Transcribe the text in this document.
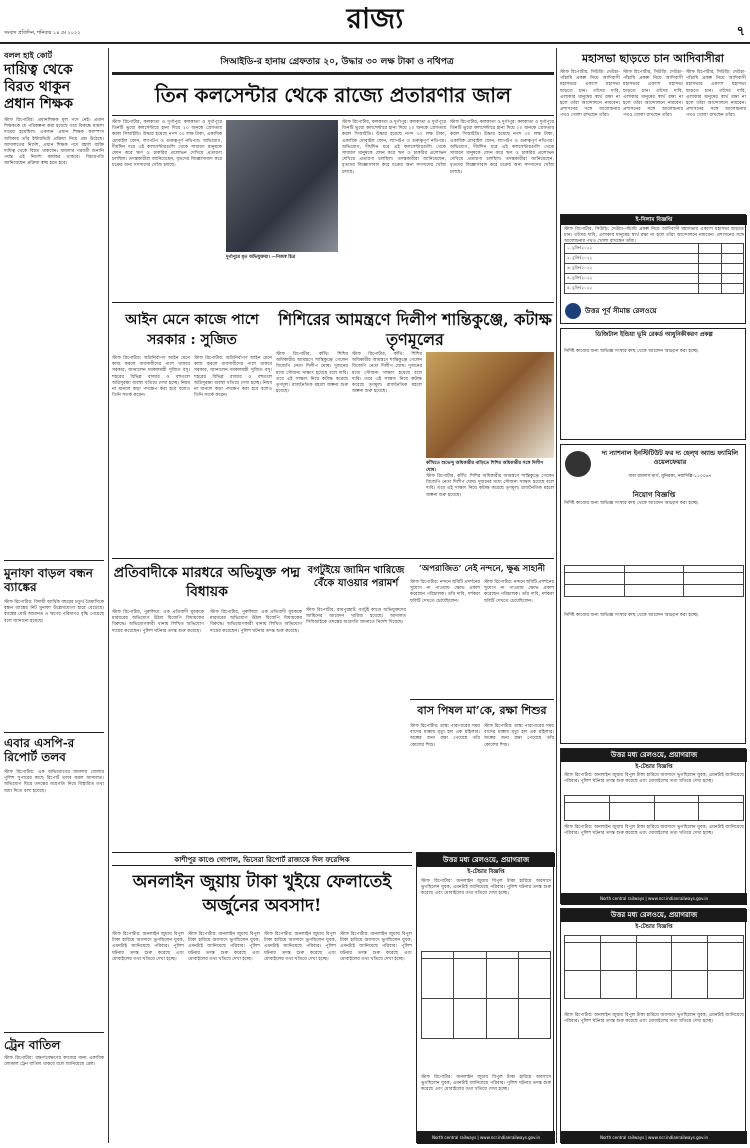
সংবাদ প্রতিদিন, শনিবার ১৪ মে ২০২২	রাজ্য	৭
বলল হাই কোর্ট
দায়িত্ব থেকে বিরত থাকুন প্রধান শিক্ষক
স্টাফ রিপোর্টার: প্রধানশিক্ষক মূল পদে নেই। প্রধান শিক্ষককে যে পরিকল্পনা করা হয়েছে তার বিরুদ্ধে মামলা দায়ের হয়েছিল। একজন প্রধান শিক্ষক ক্যাম্পাস অধিকার তাঁর ইন্টারভিউ প্রক্রিয়া নিয়ে প্রশ্ন উঠেছে। আদালতের নির্দেশ, প্রধান শিক্ষক পদে বহাল ব্যক্তি দায়িত্ব থেকে বিরত থাকবেন। মামলার পরবর্তী শুনানি পর্যন্ত এই নির্দেশ কার্যকর থাকবে। বিচারপতি জানিয়েছেন প্রক্রিয়া স্বচ্ছ হতে হবে।
মুনাফা বাড়ল বন্ধন ব্যাঙ্কের
স্টাফ রিপোর্টার: বিদায়ী আর্থিক বছরের চতুর্থ ত্রৈমাসিকে বন্ধন ব্যাঙ্কের নিট মুনাফা উল্লেখযোগ্য হারে বেড়েছে। ব্যাঙ্কের মোট আমানত ও ঋণের পরিমাণও বৃদ্ধি পেয়েছে বলে জানানো হয়েছে।
এবার এসপি-র রিপোর্ট তলব
স্টাফ রিপোর্টার: এক অভিযোগের মামলায় জেলার পুলিশ সুপারের কাছে রিপোর্ট তলব করল আদালত। অভিযোগ ঘিরে তদন্তের অগ্রগতি নিয়ে বিস্তারিত তথ্য জমা দিতে বলা হয়েছে।
ট্রেন বাতিল
স্টাফ রিপোর্টার: রক্ষণাবেক্ষণের কাজের জন্য একাধিক লোকাল ট্রেন বাতিল থাকবে বলে জানিয়েছে রেল।
সিআইডি-র হানায় গ্রেফতার ২০, উদ্ধার ৩০ লক্ষ টাকা ও নথিপত্র
তিন কলসেন্টার থেকে রাজ্যে প্রতারণার জাল
স্টাফ রিপোর্টার, কলকাতা ও দুর্গাপুর: কলকাতা ও দুর্গাপুরে তিনটি ভুয়ো কলসেন্টারে হানা দিয়ে ২০ জনকে গ্রেফতার করল সিআইডি। উদ্ধার হয়েছে নগদ ৩০ লক্ষ টাকা, একাধিক মোবাইল ফোন, ল্যাপটপ ও গুরুত্বপূর্ণ নথিপত্র। অভিযোগ, দীর্ঘদিন ধরে এই কলসেন্টারগুলি থেকে সাধারণ মানুষকে ফোন করে ঋণ ও চাকরির প্রলোভন দেখিয়ে প্রতারণা চলছিল। তদন্তকারীরা জানিয়েছেন, ধৃতদের জিজ্ঞাসাবাদ করে চক্রের অন্য সদস্যদের খোঁজ চলছে।
দুর্গাপুরে ধৃত অভিযুক্তরা। —নিজস্ব চিত্র
স্টাফ রিপোর্টার, কলকাতা ও দুর্গাপুর: কলকাতা ও দুর্গাপুরে তিনটি ভুয়ো কলসেন্টারে হানা দিয়ে ২০ জনকে গ্রেফতার করল সিআইডি। উদ্ধার হয়েছে নগদ ৩০ লক্ষ টাকা, একাধিক মোবাইল ফোন, ল্যাপটপ ও গুরুত্বপূর্ণ নথিপত্র। অভিযোগ, দীর্ঘদিন ধরে এই কলসেন্টারগুলি থেকে সাধারণ মানুষকে ফোন করে ঋণ ও চাকরির প্রলোভন দেখিয়ে প্রতারণা চলছিল। তদন্তকারীরা জানিয়েছেন, ধৃতদের জিজ্ঞাসাবাদ করে চক্রের অন্য সদস্যদের খোঁজ চলছে।
স্টাফ রিপোর্টার, কলকাতা ও দুর্গাপুর: কলকাতা ও দুর্গাপুরে তিনটি ভুয়ো কলসেন্টারে হানা দিয়ে ২০ জনকে গ্রেফতার করল সিআইডি। উদ্ধার হয়েছে নগদ ৩০ লক্ষ টাকা, একাধিক মোবাইল ফোন, ল্যাপটপ ও গুরুত্বপূর্ণ নথিপত্র। অভিযোগ, দীর্ঘদিন ধরে এই কলসেন্টারগুলি থেকে সাধারণ মানুষকে ফোন করে ঋণ ও চাকরির প্রলোভন দেখিয়ে প্রতারণা চলছিল। তদন্তকারীরা জানিয়েছেন, ধৃতদের জিজ্ঞাসাবাদ করে চক্রের অন্য সদস্যদের খোঁজ চলছে।
আইন মেনে কাজে পাশে সরকার : সুজিত
স্টাফ রিপোর্টার: অগ্নিনির্বাপণ আইন মেনে কাজ করলে ব্যবসায়ীদের পাশে থাকবে সরকার, জানালেন দমকলমন্ত্রী সুজিত বসু। শহরের বিভিন্ন বাজার ও বহুতলে অগ্নিসুরক্ষা ব্যবস্থা খতিয়ে দেখা হচ্ছে। নিয়ম না মানলে কড়া পদক্ষেপ করা হবে বলেও তিনি সতর্ক করেন।
স্টাফ রিপোর্টার: অগ্নিনির্বাপণ আইন মেনে কাজ করলে ব্যবসায়ীদের পাশে থাকবে সরকার, জানালেন দমকলমন্ত্রী সুজিত বসু। শহরের বিভিন্ন বাজার ও বহুতলে অগ্নিসুরক্ষা ব্যবস্থা খতিয়ে দেখা হচ্ছে। নিয়ম না মানলে কড়া পদক্ষেপ করা হবে বলেও তিনি সতর্ক করেন।
শিশিরের আমন্ত্রণে দিলীপ শান্তিকুঞ্জে, কটাক্ষ তৃণমূলের
কাঁথিতে শুভেন্দু অধিকারীর বাড়িতে শিশির অধিকারীর সঙ্গে দিলীপ ঘোষ।
স্টাফ রিপোর্টার, কাঁথি: শিশির অধিকারীর আমন্ত্রণে শান্তিকুঞ্জে গেলেন বিজেপি নেতা দিলীপ ঘোষ। দুজনের মধ্যে সৌজন্য সাক্ষাৎ হয়েছে বলে দাবি। তবে এই সাক্ষাৎ নিয়ে কটাক্ষ করেছে তৃণমূল। রাজনৈতিক মহলে জল্পনা শুরু হয়েছে।
স্টাফ রিপোর্টার, কাঁথি: শিশির অধিকারীর আমন্ত্রণে শান্তিকুঞ্জে গেলেন বিজেপি নেতা দিলীপ ঘোষ। দুজনের মধ্যে সৌজন্য সাক্ষাৎ হয়েছে বলে দাবি। তবে এই সাক্ষাৎ নিয়ে কটাক্ষ করেছে তৃণমূল। রাজনৈতিক মহলে জল্পনা শুরু হয়েছে।
স্টাফ রিপোর্টার, কাঁথি: শিশির অধিকারীর আমন্ত্রণে শান্তিকুঞ্জে গেলেন বিজেপি নেতা দিলীপ ঘোষ। দুজনের মধ্যে সৌজন্য সাক্ষাৎ হয়েছে বলে দাবি। তবে এই সাক্ষাৎ নিয়ে কটাক্ষ করেছে তৃণমূল। রাজনৈতিক মহলে জল্পনা শুরু হয়েছে।
প্রতিবাদীকে মারধরে অভিযুক্ত পদ্ম বিধায়ক
স্টাফ রিপোর্টার, পুরুলিয়া: এক প্রতিবাদী যুবককে মারধরের অভিযোগ উঠল বিজেপি বিধায়কের বিরুদ্ধে। অভিযোগকারী থানায় লিখিত অভিযোগ দায়ের করেছেন। পুলিশ ঘটনার তদন্ত শুরু করেছে।
স্টাফ রিপোর্টার, পুরুলিয়া: এক প্রতিবাদী যুবককে মারধরের অভিযোগ উঠল বিজেপি বিধায়কের বিরুদ্ধে। অভিযোগকারী থানায় লিখিত অভিযোগ দায়ের করেছেন। পুলিশ ঘটনার তদন্ত শুরু করেছে।
বগটুইয়ে জামিন খারিজে বেঁকে যাওয়ার পরামর্শ
স্টাফ রিপোর্টার, রামপুরহাট: বগটুই কাণ্ডে অভিযুক্তদের জামিনের আবেদন খারিজ হয়েছে। আদালত সিবিআইকে তদন্তের অগ্রগতি জানাতে নির্দেশ দিয়েছে।
‘অপরাজিত’ নেই নন্দনে, ক্ষুব্ধ সাহানী
স্টাফ রিপোর্টার: নন্দনে ছবিটি প্রদর্শনের সুযোগ না পাওয়ায় ক্ষোভ প্রকাশ করেছেন পরিচালক। তাঁর দাবি, দর্শকরা ছবিটি দেখতে চেয়েছিলেন।
স্টাফ রিপোর্টার: নন্দনে ছবিটি প্রদর্শনের সুযোগ না পাওয়ায় ক্ষোভ প্রকাশ করেছেন পরিচালক। তাঁর দাবি, দর্শকরা ছবিটি দেখতে চেয়েছিলেন।
বাস পিষল মা’কে, রক্ষা শিশুর
স্টাফ রিপোর্টার: রাস্তা পারাপারের সময় বাসের ধাক্কায় মৃত্যু হল এক মহিলার। অল্পের জন্য রক্ষা পেয়েছে তাঁর কোলের শিশু।
স্টাফ রিপোর্টার: রাস্তা পারাপারের সময় বাসের ধাক্কায় মৃত্যু হল এক মহিলার। অল্পের জন্য রক্ষা পেয়েছে তাঁর কোলের শিশু।
কাশীপুর কাণ্ডে গোপাল, ভিসেরা রিপোর্ট রাজ্যকে দিল ফরেন্সিক
অনলাইন জুয়ায় টাকা খুইয়ে ফেলাতেই অর্জুনের অবসাদ!
স্টাফ রিপোর্টার: অনলাইন জুয়ায় বিপুল টাকা হারিয়ে অবসাদে ভুগছিলেন যুবক, এমনটাই জানিয়েছে পরিবার। পুলিশ ঘটনার তদন্ত শুরু করেছে এবং মোবাইলের তথ্য খতিয়ে দেখা হচ্ছে।
স্টাফ রিপোর্টার: অনলাইন জুয়ায় বিপুল টাকা হারিয়ে অবসাদে ভুগছিলেন যুবক, এমনটাই জানিয়েছে পরিবার। পুলিশ ঘটনার তদন্ত শুরু করেছে এবং মোবাইলের তথ্য খতিয়ে দেখা হচ্ছে।
স্টাফ রিপোর্টার: অনলাইন জুয়ায় বিপুল টাকা হারিয়ে অবসাদে ভুগছিলেন যুবক, এমনটাই জানিয়েছে পরিবার। পুলিশ ঘটনার তদন্ত শুরু করেছে এবং মোবাইলের তথ্য খতিয়ে দেখা হচ্ছে।
স্টাফ রিপোর্টার: অনলাইন জুয়ায় বিপুল টাকা হারিয়ে অবসাদে ভুগছিলেন যুবক, এমনটাই জানিয়েছে পরিবার। পুলিশ ঘটনার তদন্ত শুরু করেছে এবং মোবাইলের তথ্য খতিয়ে দেখা হচ্ছে।
উত্তর মধ্য রেলওয়ে, প্রয়াগরাজ
ই-টেন্ডার বিজ্ঞপ্তি
স্টাফ রিপোর্টার: অনলাইন জুয়ায় বিপুল টাকা হারিয়ে অবসাদে ভুগছিলেন যুবক, এমনটাই জানিয়েছে পরিবার। পুলিশ ঘটনার তদন্ত শুরু করেছে এবং মোবাইলের তথ্য খতিয়ে দেখা হচ্ছে।

স্টাফ রিপোর্টার: অনলাইন জুয়ায় বিপুল টাকা হারিয়ে অবসাদে ভুগছিলেন যুবক, এমনটাই জানিয়েছে পরিবার। পুলিশ ঘটনার তদন্ত শুরু করেছে এবং মোবাইলের তথ্য খতিয়ে দেখা হচ্ছে।
North central railways | www.ncr.indianrailways.gov.in
মহাসভা ছাড়তে চান আদিবাসীরা
স্টাফ রিপোর্টার, সিউড়ি: দেউচা-পাঁচামি প্রকল্প নিয়ে আদিবাসী মহাসভার একাংশ মহাসভা ছাড়তে চান। তাঁদের দাবি, এলাকার মানুষের স্বার্থ রক্ষা না হলে তাঁরা আন্দোলনে নামবেন। প্রশাসনের সঙ্গে আলোচনার পথও খোলা রাখছেন তাঁরা।
স্টাফ রিপোর্টার, সিউড়ি: দেউচা-পাঁচামি প্রকল্প নিয়ে আদিবাসী মহাসভার একাংশ মহাসভা ছাড়তে চান। তাঁদের দাবি, এলাকার মানুষের স্বার্থ রক্ষা না হলে তাঁরা আন্দোলনে নামবেন। প্রশাসনের সঙ্গে আলোচনার পথও খোলা রাখছেন তাঁরা।
স্টাফ রিপোর্টার, সিউড়ি: দেউচা-পাঁচামি প্রকল্প নিয়ে আদিবাসী মহাসভার একাংশ মহাসভা ছাড়তে চান। তাঁদের দাবি, এলাকার মানুষের স্বার্থ রক্ষা না হলে তাঁরা আন্দোলনে নামবেন। প্রশাসনের সঙ্গে আলোচনার পথও খোলা রাখছেন তাঁরা।
ই-নিলাম বিজ্ঞপ্তি
স্টাফ রিপোর্টার, সিউড়ি: দেউচা-পাঁচামি প্রকল্প নিয়ে আদিবাসী মহাসভার একাংশ মহাসভা ছাড়তে চান। তাঁদের দাবি, এলাকার মানুষের স্বার্থ রক্ষা না হলে তাঁরা আন্দোলনে নামবেন। প্রশাসনের সঙ্গে আলোচনার পথও খোলা রাখছেন তাঁরা।
১. চুক্তি/২০২২		
২. চুক্তি/২০২২		
৩. চুক্তি/২০২২		
৪. চুক্তি/২০২২		
৫. চুক্তি/২০২২		
উত্তর পূর্ব সীমান্ত রেলওয়ে
ডিজিটাল ইন্ডিয়া ভূমি রেকর্ড আধুনিকীকরণ প্রকল্প
নির্দিষ্ট কাজের জন্য অভিজ্ঞ সংস্থার কাছ থেকে আবেদন আহ্বান করা হচ্ছে।
দ্য ন্যাশনাল ইনস্টিটিউট ফর দ্য হেল্থ অ্যান্ড ফ্যামিলি ওয়েলফেয়ার
বাবা রামদাস মার্গ, মুনিরকা, নয়াদিল্লি-১১০০৬৭
নিয়োগ বিজ্ঞপ্তি
নির্দিষ্ট কাজের জন্য অভিজ্ঞ সংস্থার কাছ থেকে আবেদন আহ্বান করা হচ্ছে।

নির্দিষ্ট কাজের জন্য অভিজ্ঞ সংস্থার কাছ থেকে আবেদন আহ্বান করা হচ্ছে।
উত্তর মধ্য রেলওয়ে, প্রয়াগরাজ
ই-টেন্ডার বিজ্ঞপ্তি
স্টাফ রিপোর্টার: অনলাইন জুয়ায় বিপুল টাকা হারিয়ে অবসাদে ভুগছিলেন যুবক, এমনটাই জানিয়েছে পরিবার। পুলিশ ঘটনার তদন্ত শুরু করেছে এবং মোবাইলের তথ্য খতিয়ে দেখা হচ্ছে।

স্টাফ রিপোর্টার: অনলাইন জুয়ায় বিপুল টাকা হারিয়ে অবসাদে ভুগছিলেন যুবক, এমনটাই জানিয়েছে পরিবার। পুলিশ ঘটনার তদন্ত শুরু করেছে এবং মোবাইলের তথ্য খতিয়ে দেখা হচ্ছে।
North central railways | www.ncr.indianrailways.gov.in
উত্তর মধ্য রেলওয়ে, প্রয়াগরাজ
ই-টেন্ডার বিজ্ঞপ্তি

স্টাফ রিপোর্টার: অনলাইন জুয়ায় বিপুল টাকা হারিয়ে অবসাদে ভুগছিলেন যুবক, এমনটাই জানিয়েছে পরিবার। পুলিশ ঘটনার তদন্ত শুরু করেছে এবং মোবাইলের তথ্য খতিয়ে দেখা হচ্ছে।
North central railways | www.ncr.indianrailways.gov.in
